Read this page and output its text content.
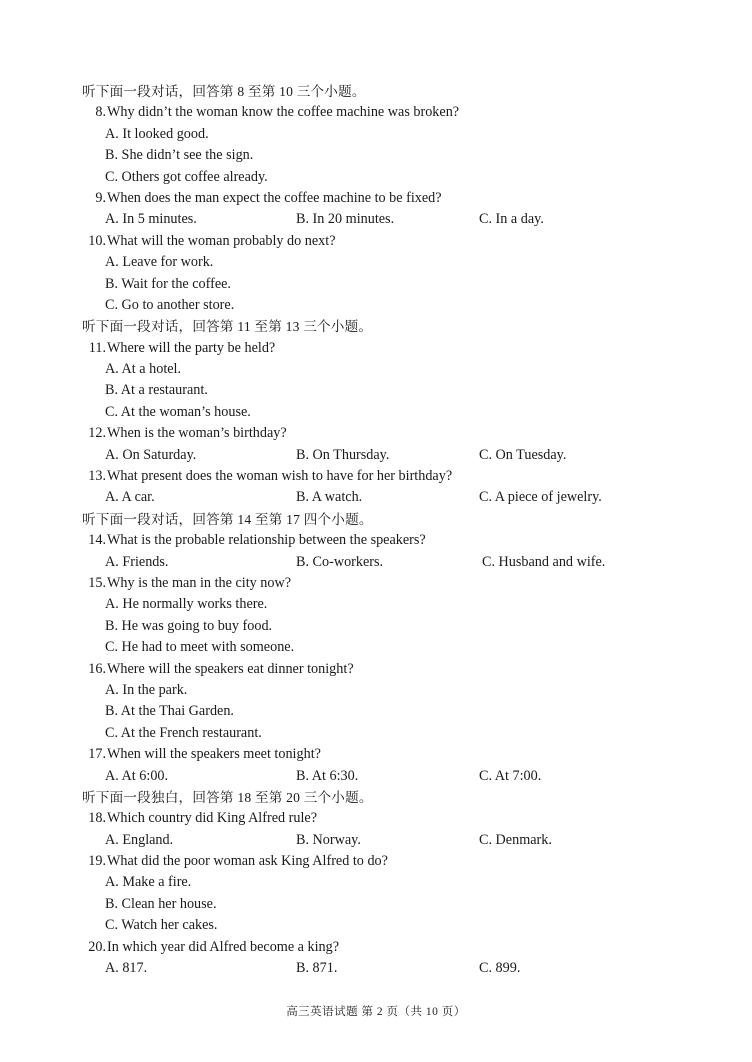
听下面一段对话，回答第 8 至第 10 三个小题。
8.Why didn’t the woman know the coffee machine was broken?
A. It looked good.
B. She didn’t see the sign.
C. Others got coffee already.
9.When does the man expect the coffee machine to be fixed?
A. In 5 minutes.	B. In 20 minutes.	C. In a day.
10.What will the woman probably do next?
A. Leave for work.
B. Wait for the coffee.
C. Go to another store.
听下面一段对话，回答第 11 至第 13 三个小题。
11.Where will the party be held?
A. At a hotel.
B. At a restaurant.
C. At the woman’s house.
12.When is the woman’s birthday?
A. On Saturday.	B. On Thursday.	C. On Tuesday.
13.What present does the woman wish to have for her birthday?
A. A car.	B. A watch.	C. A piece of jewelry.
听下面一段对话，回答第 14 至第 17 四个小题。
14.What is the probable relationship between the speakers?
A. Friends.	B. Co-workers.	C. Husband and wife.
15.Why is the man in the city now?
A. He normally works there.
B. He was going to buy food.
C. He had to meet with someone.
16.Where will the speakers eat dinner tonight?
A. In the park.
B. At the Thai Garden.
C. At the French restaurant.
17.When will the speakers meet tonight?
A. At 6:00.	B. At 6:30.	C. At 7:00.
听下面一段独白，回答第 18 至第 20 三个小题。
18.Which country did King Alfred rule?
A. England.	B. Norway.	C. Denmark.
19.What did the poor woman ask King Alfred to do?
A. Make a fire.
B. Clean her house.
C. Watch her cakes.
20.In which year did Alfred become a king?
A. 817.	B. 871.	C. 899.
高三英语试题 第 2 页（共 10 页）
